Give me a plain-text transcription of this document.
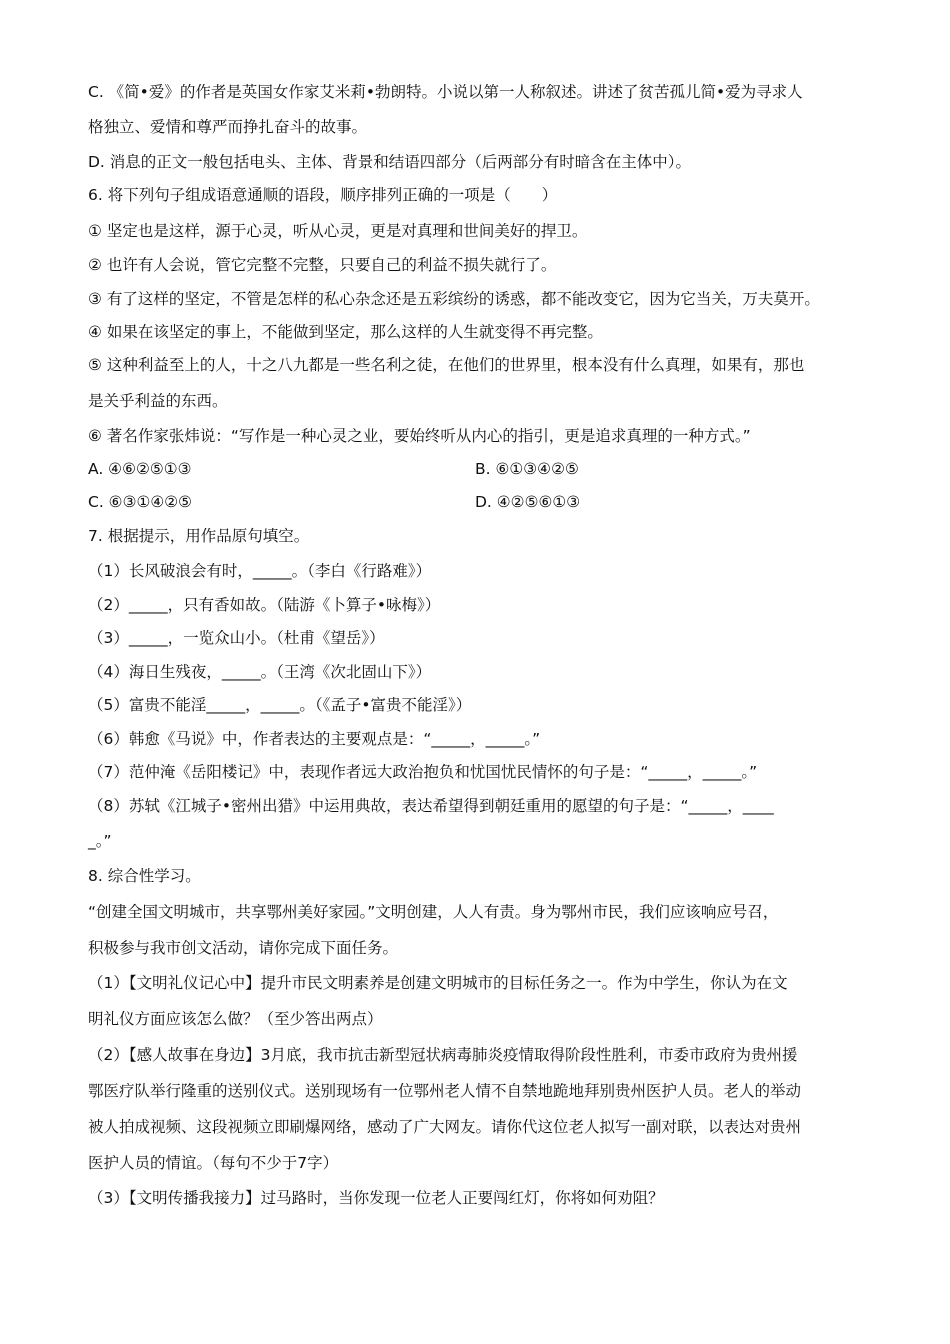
C. 《简•爱》的作者是英国女作家艾米莉•勃朗特。小说以第一人称叙述。讲述了贫苦孤儿简•爱为寻求人
格独立、爱情和尊严而挣扎奋斗的故事。
D. 消息的正文一般包括电头、主体、背景和结语四部分（后两部分有时暗含在主体中）。
6. 将下列句子组成语意通顺的语段，顺序排列正确的一项是（　　）
① 坚定也是这样，源于心灵，听从心灵，更是对真理和世间美好的捍卫。
② 也许有人会说，管它完整不完整，只要自己的利益不损失就行了。
③ 有了这样的坚定，不管是怎样的私心杂念还是五彩缤纷的诱惑，都不能改变它，因为它当关，万夫莫开。
④ 如果在该坚定的事上，不能做到坚定，那么这样的人生就变得不再完整。
⑤ 这种利益至上的人，十之八九都是一些名利之徒，在他们的世界里，根本没有什么真理，如果有，那也
是关乎利益的东西。
⑥ 著名作家张炜说：“写作是一种心灵之业，要始终听从内心的指引，更是追求真理的一种方式。”
A. ④⑥②⑤①③	B. ⑥①③④②⑤
C. ⑥③①④②⑤	D. ④②⑤⑥①③
7. 根据提示，用作品原句填空。
（1）长风破浪会有时，_____。（李白《行路难》）
（2）_____，只有香如故。（陆游《卜算子•咏梅》）
（3）_____，一览众山小。（杜甫《望岳》）
（4）海日生残夜，_____。（王湾《次北固山下》）
（5）富贵不能淫_____，_____。（《孟子•富贵不能淫》）
（6）韩愈《马说》中，作者表达的主要观点是：“_____，_____。”
（7）范仲淹《岳阳楼记》中，表现作者远大政治抱负和忧国忧民情怀的句子是：“_____，_____。”
（8）苏轼《江城子•密州出猎》中运用典故，表达希望得到朝廷重用的愿望的句子是：“_____，____
_。”
8. 综合性学习。
“创建全国文明城市，共享鄂州美好家园。”文明创建，人人有责。身为鄂州市民，我们应该响应号召，
积极参与我市创文活动，请你完成下面任务。
（1）【文明礼仪记心中】提升市民文明素养是创建文明城市的目标任务之一。作为中学生，你认为在文
明礼仪方面应该怎么做？（至少答出两点）
（2）【感人故事在身边】3月底，我市抗击新型冠状病毒肺炎疫情取得阶段性胜利，市委市政府为贵州援
鄂医疗队举行隆重的送别仪式。送别现场有一位鄂州老人情不自禁地跪地拜别贵州医护人员。老人的举动
被人拍成视频、这段视频立即刷爆网络，感动了广大网友。请你代这位老人拟写一副对联，以表达对贵州
医护人员的情谊。（每句不少于7字）
（3）【文明传播我接力】过马路时，当你发现一位老人正要闯红灯，你将如何劝阻？
